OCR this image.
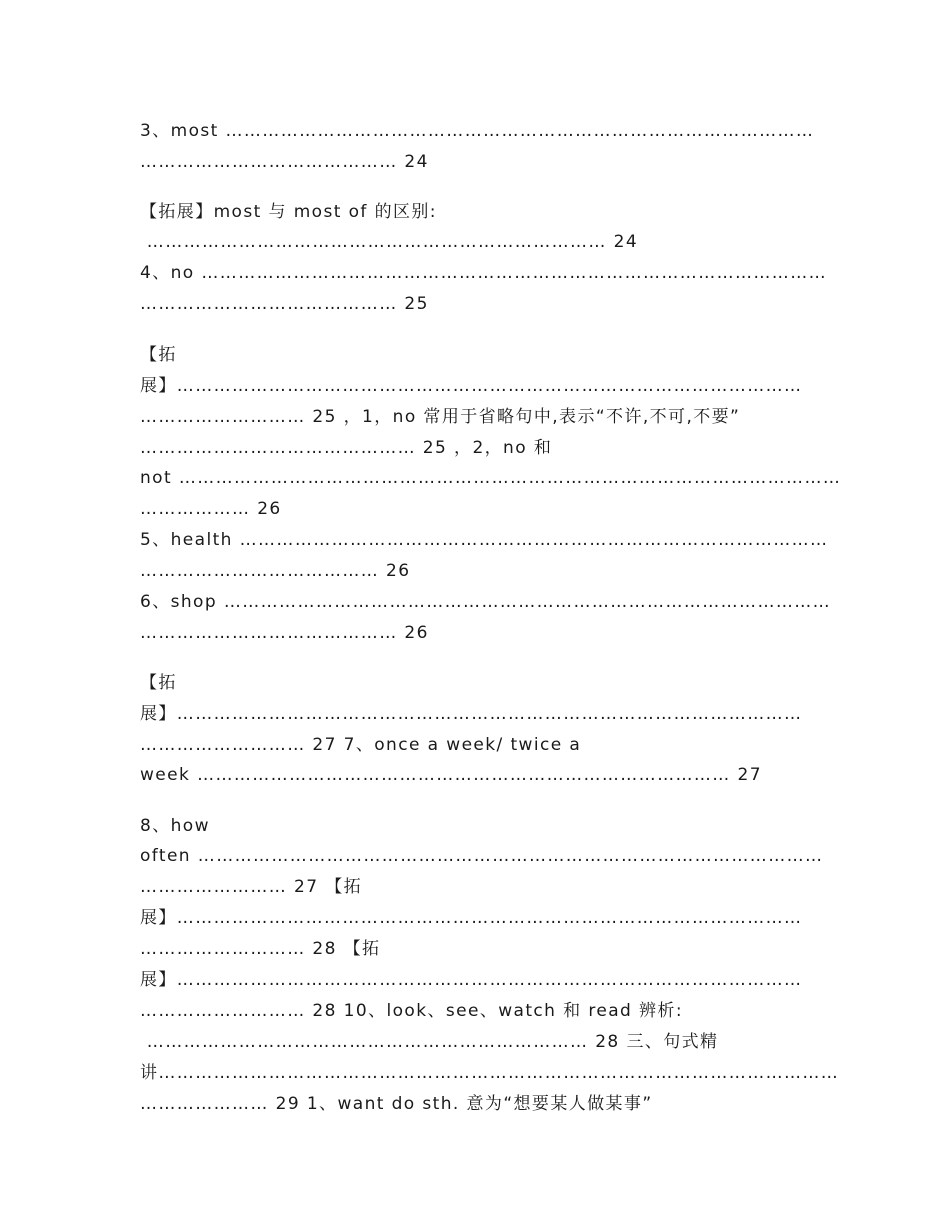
3、most ……………………………………………………………………………………
…………………………………… 24
【拓展】most 与 most of 的区别:
………………………………………………………………… 24
4、no …………………………………………………………………………………………
…………………………………… 25
【拓
展】…………………………………………………………………………………………
……………………… 25 ，1，no 常用于省略句中,表示“不许,不可,不要”
……………………………………… 25 ，2，no 和
not ………………………………………………………………………………………………
……………… 26
5、health ……………………………………………………………………………………
………………………………… 26
6、shop ………………………………………………………………………………………
…………………………………… 26
【拓
展】…………………………………………………………………………………………
……………………… 27 7、once a week/ twice a
week …………………………………………………………………………… 27
8、how
often …………………………………………………………………………………………
…………………… 27 【拓
展】…………………………………………………………………………………………
……………………… 28 【拓
展】…………………………………………………………………………………………
……………………… 28 10、look、see、watch 和 read 辨析:
……………………………………………………………… 28 三、句式精
讲…………………………………………………………………………………………………
………………… 29 1、want do sth. 意为“想要某人做某事”
